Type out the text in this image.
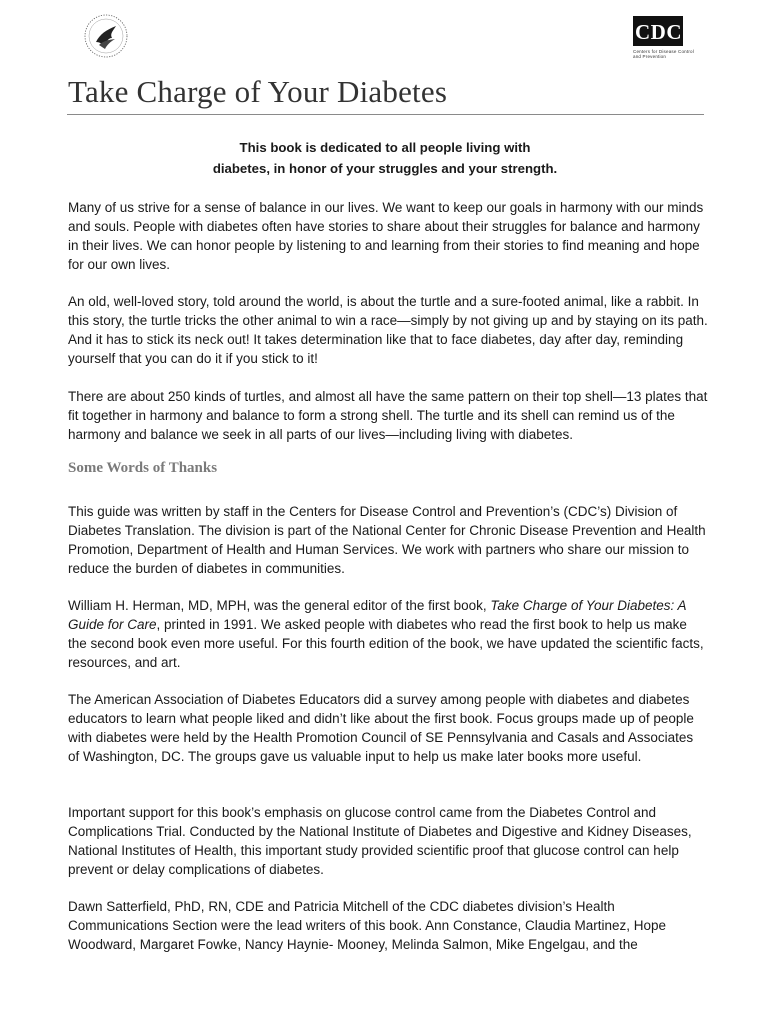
CDC
Centers for Disease Control and Prevention
Take Charge of Your Diabetes
This book is dedicated to all people living with
diabetes, in honor of your struggles and your strength.

Many of us strive for a sense of balance in our lives. We want to keep our goals in harmony with our minds and souls. People with diabetes often have stories to share about their struggles for balance and harmony in their lives. We can honor people by listening to and learning from their stories to find meaning and hope for our own lives.

An old, well-loved story, told around the world, is about the turtle and a sure-footed animal, like a rabbit. In this story, the turtle tricks the other animal to win a race—simply by not giving up and by staying on its path. And it has to stick its neck out! It takes determination like that to face diabetes, day after day, reminding yourself that you can do it if you stick to it!

There are about 250 kinds of turtles, and almost all have the same pattern on their top shell—13 plates that fit together in harmony and balance to form a strong shell. The turtle and its shell can remind us of the harmony and balance we seek in all parts of our lives—including living with diabetes.

Some Words of Thanks

This guide was written by staff in the Centers for Disease Control and Prevention’s (CDC’s) Division of Diabetes Translation. The division is part of the National Center for Chronic Disease Prevention and Health Promotion, Department of Health and Human Services. We work with partners who share our mission to reduce the burden of diabetes in communities.

William H. Herman, MD, MPH, was the general editor of the first book, Take Charge of Your Diabetes: A Guide for Care, printed in 1991. We asked people with diabetes who read the first book to help us make the second book even more useful. For this fourth edition of the book, we have updated the scientific facts, resources, and art.

The American Association of Diabetes Educators did a survey among people with diabetes and diabetes educators to learn what people liked and didn’t like about the first book. Focus groups made up of people with diabetes were held by the Health Promotion Council of SE Pennsylvania and Casals and Associates of Washington, DC. The groups gave us valuable input to help us make later books more useful.

Important support for this book’s emphasis on glucose control came from the Diabetes Control and Complications Trial. Conducted by the National Institute of Diabetes and Digestive and Kidney Diseases, National Institutes of Health, this important study provided scientific proof that glucose control can help prevent or delay complications of diabetes.

Dawn Satterfield, PhD, RN, CDE and Patricia Mitchell of the CDC diabetes division’s Health Communications Section were the lead writers of this book. Ann Constance, Claudia Martinez, Hope Woodward, Margaret Fowke, Nancy Haynie- Mooney, Melinda Salmon, Mike Engelgau, and the
